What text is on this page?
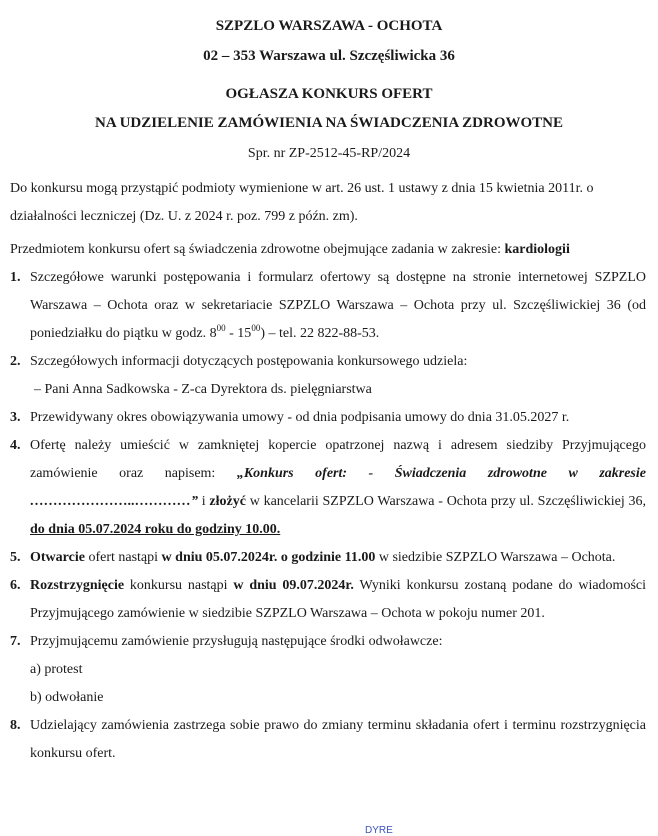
SZPZLO WARSZAWA - OCHOTA
02 – 353 Warszawa ul. Szczęśliwicka 36
OGŁASZA KONKURS OFERT
NA UDZIELENIE ZAMÓWIENIA NA ŚWIADCZENIA ZDROWOTNE
Spr. nr ZP-2512-45-RP/2024
Do konkursu mogą przystąpić podmioty wymienione w art. 26 ust. 1 ustawy z dnia 15 kwietnia 2011r. o działalności leczniczej (Dz. U. z 2024 r. poz. 799 z późn. zm).
Przedmiotem konkursu ofert są świadczenia zdrowotne obejmujące zadania w zakresie: kardiologii
1. Szczegółowe warunki postępowania i formularz ofertowy są dostępne na stronie internetowej SZPZLO Warszawa – Ochota oraz w sekretariacie SZPZLO Warszawa – Ochota przy ul. Szczęśliwickiej 36 (od poniedziałku do piątku w godz. $8^{00} - 15^{00}$) – tel. 22 822-88-53.
2. Szczegółowych informacji dotyczących postępowania konkursowego udziela:
– Pani Anna Sadkowska - Z-ca Dyrektora ds. pielęgniarstwa
3. Przewidywany okres obowiązywania umowy - od dnia podpisania umowy do dnia 31.05.2027 r.
4. Ofertę należy umieścić w zamkniętej kopercie opatrzonej nazwą i adresem siedziby Przyjmującego zamówienie oraz napisem: „Konkurs ofert: - Świadczenia zdrowotne w zakresie …………………..…………” i złożyć w kancelarii SZPZLO Warszawa - Ochota przy ul. Szczęśliwickiej 36, do dnia 05.07.2024 roku do godziny 10.00.
5. Otwarcie ofert nastąpi w dniu 05.07.2024r. o godzinie 11.00 w siedzibie SZPZLO Warszawa – Ochota.
6. Rozstrzygnięcie konkursu nastąpi w dniu 09.07.2024r. Wyniki konkursu zostaną podane do wiadomości Przyjmującego zamówienie w siedzibie SZPZLO Warszawa – Ochota w pokoju numer 201.
7. Przyjmującemu zamówienie przysługują następujące środki odwoławcze:
a) protest
b) odwołanie
8. Udzielający zamówienia zastrzega sobie prawo do zmiany terminu składania ofert i terminu rozstrzygnięcia konkursu ofert.
DYRE
